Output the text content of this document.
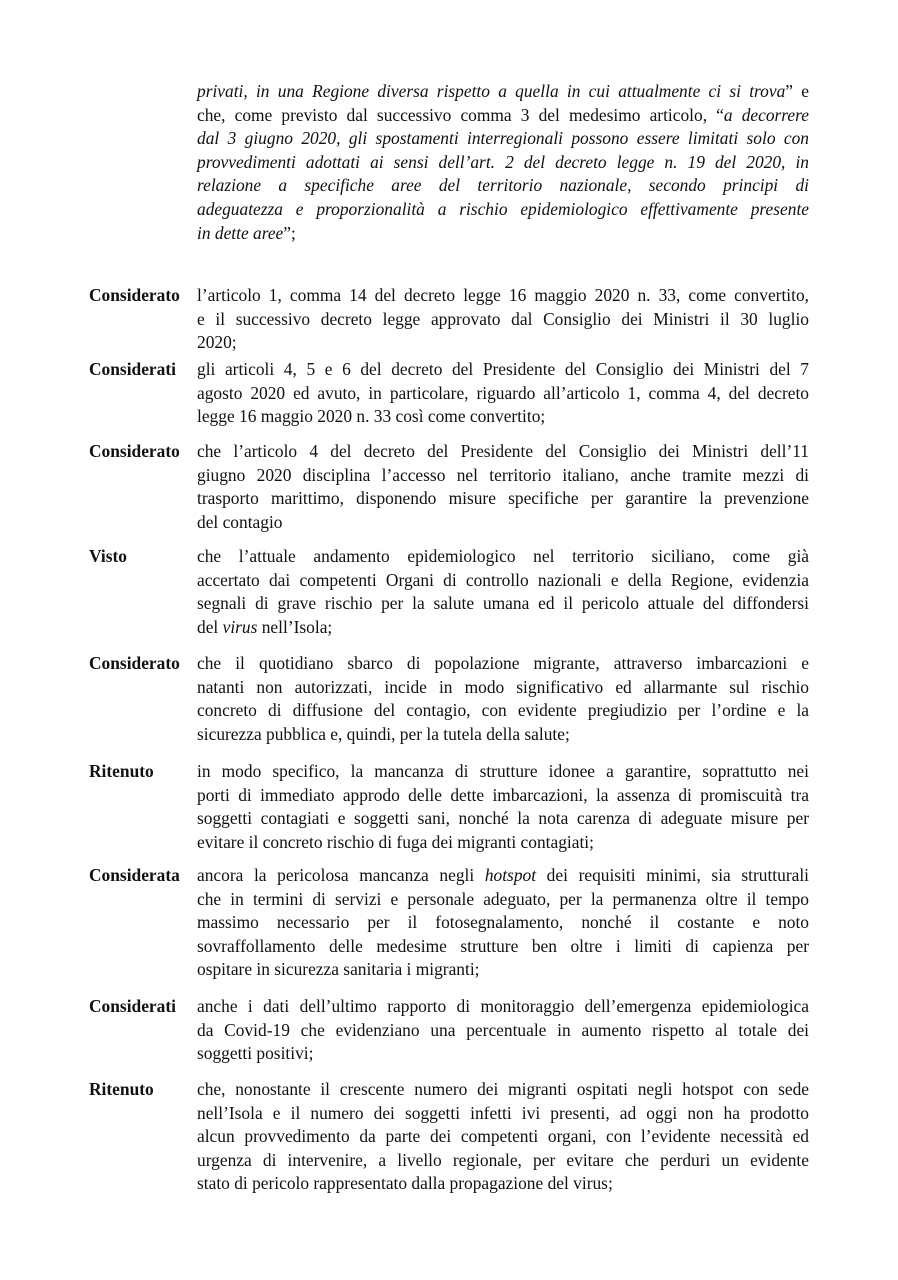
privati, in una Regione diversa rispetto a quella in cui attualmente ci si trova” e
che, come previsto dal successivo comma 3 del medesimo articolo, “a decorrere
dal 3 giugno 2020, gli spostamenti interregionali possono essere limitati solo con
provvedimenti adottati ai sensi dell’art. 2 del decreto legge n. 19 del 2020, in
relazione a specifiche aree del territorio nazionale, secondo principi di
adeguatezza e proporzionalità a rischio epidemiologico effettivamente presente
in dette aree”;
Considerato l’articolo 1, comma 14 del decreto legge 16 maggio 2020 n. 33, come convertito,
e il successivo decreto legge approvato dal Consiglio dei Ministri il 30 luglio
2020;
Considerati gli articoli 4, 5 e 6 del decreto del Presidente del Consiglio dei Ministri del 7
agosto 2020 ed avuto, in particolare, riguardo all’articolo 1, comma 4, del decreto
legge 16 maggio 2020 n. 33 così come convertito;
Considerato che l’articolo 4 del decreto del Presidente del Consiglio dei Ministri dell’11
giugno 2020 disciplina l’accesso nel territorio italiano, anche tramite mezzi di
trasporto marittimo, disponendo misure specifiche per garantire la prevenzione
del contagio
Visto	che l’attuale andamento epidemiologico nel territorio siciliano, come già
accertato dai competenti Organi di controllo nazionali e della Regione, evidenzia
segnali di grave rischio per la salute umana ed il pericolo attuale del diffondersi
del virus nell’Isola;
Considerato che il quotidiano sbarco di popolazione migrante, attraverso imbarcazioni e
natanti non autorizzati, incide in modo significativo ed allarmante sul rischio
concreto di diffusione del contagio, con evidente pregiudizio per l’ordine e la
sicurezza pubblica e, quindi, per la tutela della salute;
Ritenuto in modo specifico, la mancanza di strutture idonee a garantire, soprattutto nei
porti di immediato approdo delle dette imbarcazioni, la assenza di promiscuità tra
soggetti contagiati e soggetti sani, nonché la nota carenza di adeguate misure per
evitare il concreto rischio di fuga dei migranti contagiati;
Considerata ancora la pericolosa mancanza negli hotspot dei requisiti minimi, sia strutturali
che in termini di servizi e personale adeguato, per la permanenza oltre il tempo
massimo necessario per il fotosegnalamento, nonché il costante e noto
sovraffollamento delle medesime strutture ben oltre i limiti di capienza per
ospitare in sicurezza sanitaria i migranti;
Considerati anche i dati dell’ultimo rapporto di monitoraggio dell’emergenza epidemiologica
da Covid-19 che evidenziano una percentuale in aumento rispetto al totale dei
soggetti positivi;
Ritenuto che, nonostante il crescente numero dei migranti ospitati negli hotspot con sede
nell’Isola e il numero dei soggetti infetti ivi presenti, ad oggi non ha prodotto
alcun provvedimento da parte dei competenti organi, con l’evidente necessità ed
urgenza di intervenire, a livello regionale, per evitare che perduri un evidente
stato di pericolo rappresentato dalla propagazione del virus;
